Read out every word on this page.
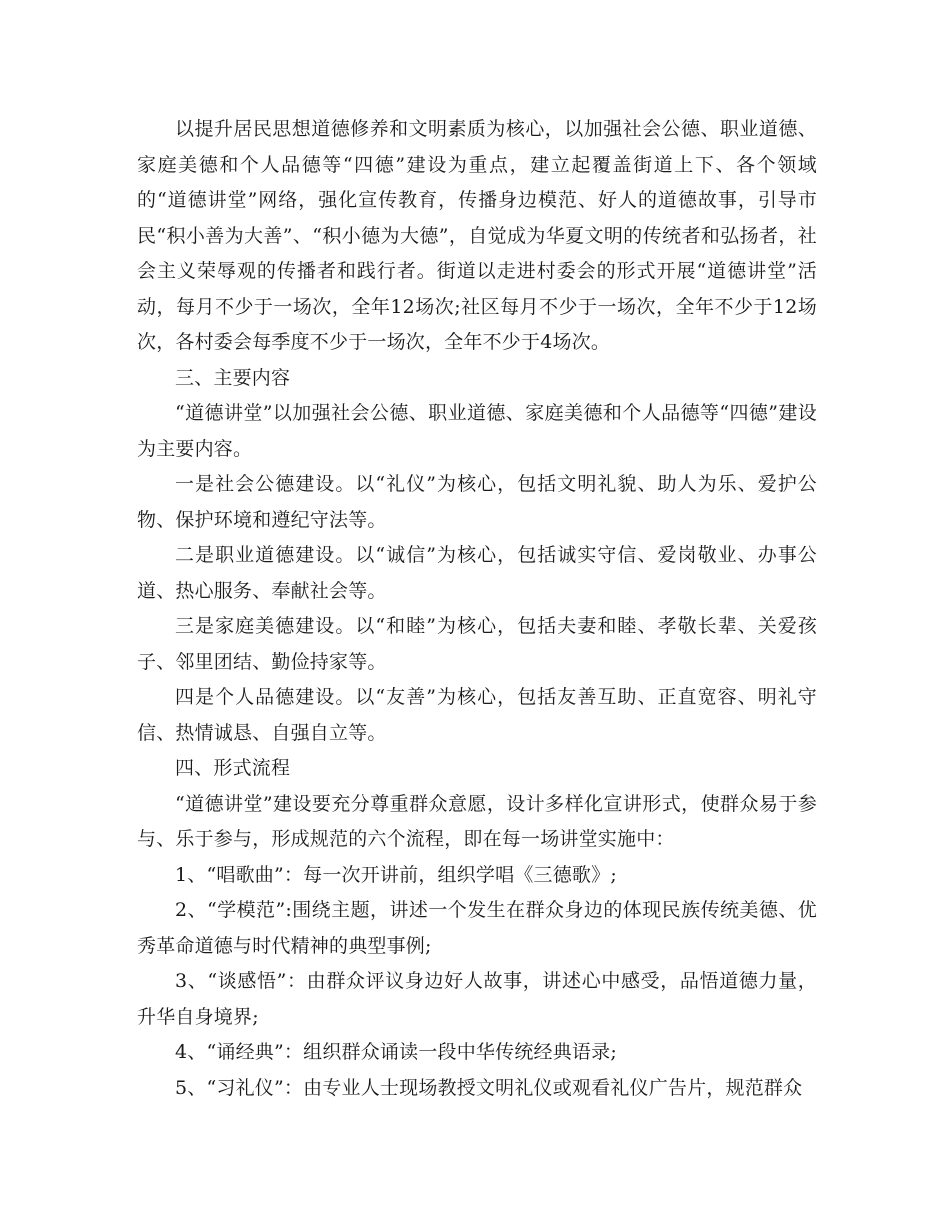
以提升居民思想道德修养和文明素质为核心，以加强社会公德、职业道德、家庭美德和个人品德等“四德”建设为重点，建立起覆盖街道上下、各个领域的“道德讲堂”网络，强化宣传教育，传播身边模范、好人的道德故事，引导市民“积小善为大善”、“积小德为大德”，自觉成为华夏文明的传统者和弘扬者，社会主义荣辱观的传播者和践行者。街道以走进村委会的形式开展“道德讲堂”活动，每月不少于一场次，全年12场次;社区每月不少于一场次，全年不少于12场次，各村委会每季度不少于一场次，全年不少于4场次。

三、主要内容

“道德讲堂”以加强社会公德、职业道德、家庭美德和个人品德等“四德”建设为主要内容。

一是社会公德建设。以“礼仪”为核心，包括文明礼貌、助人为乐、爱护公物、保护环境和遵纪守法等。

二是职业道德建设。以“诚信”为核心，包括诚实守信、爱岗敬业、办事公道、热心服务、奉献社会等。

三是家庭美德建设。以“和睦”为核心，包括夫妻和睦、孝敬长辈、关爱孩子、邻里团结、勤俭持家等。

四是个人品德建设。以“友善”为核心，包括友善互助、正直宽容、明礼守信、热情诚恳、自强自立等。

四、形式流程

“道德讲堂”建设要充分尊重群众意愿，设计多样化宣讲形式，使群众易于参与、乐于参与，形成规范的六个流程，即在每一场讲堂实施中：

1、“唱歌曲”：每一次开讲前，组织学唱《三德歌》;

2、“学模范”:围绕主题，讲述一个发生在群众身边的体现民族传统美德、优秀革命道德与时代精神的典型事例;

3、“谈感悟”：由群众评议身边好人故事，讲述心中感受，品悟道德力量，升华自身境界;

4、“诵经典”：组织群众诵读一段中华传统经典语录;

5、“习礼仪”：由专业人士现场教授文明礼仪或观看礼仪广告片，规范群众
